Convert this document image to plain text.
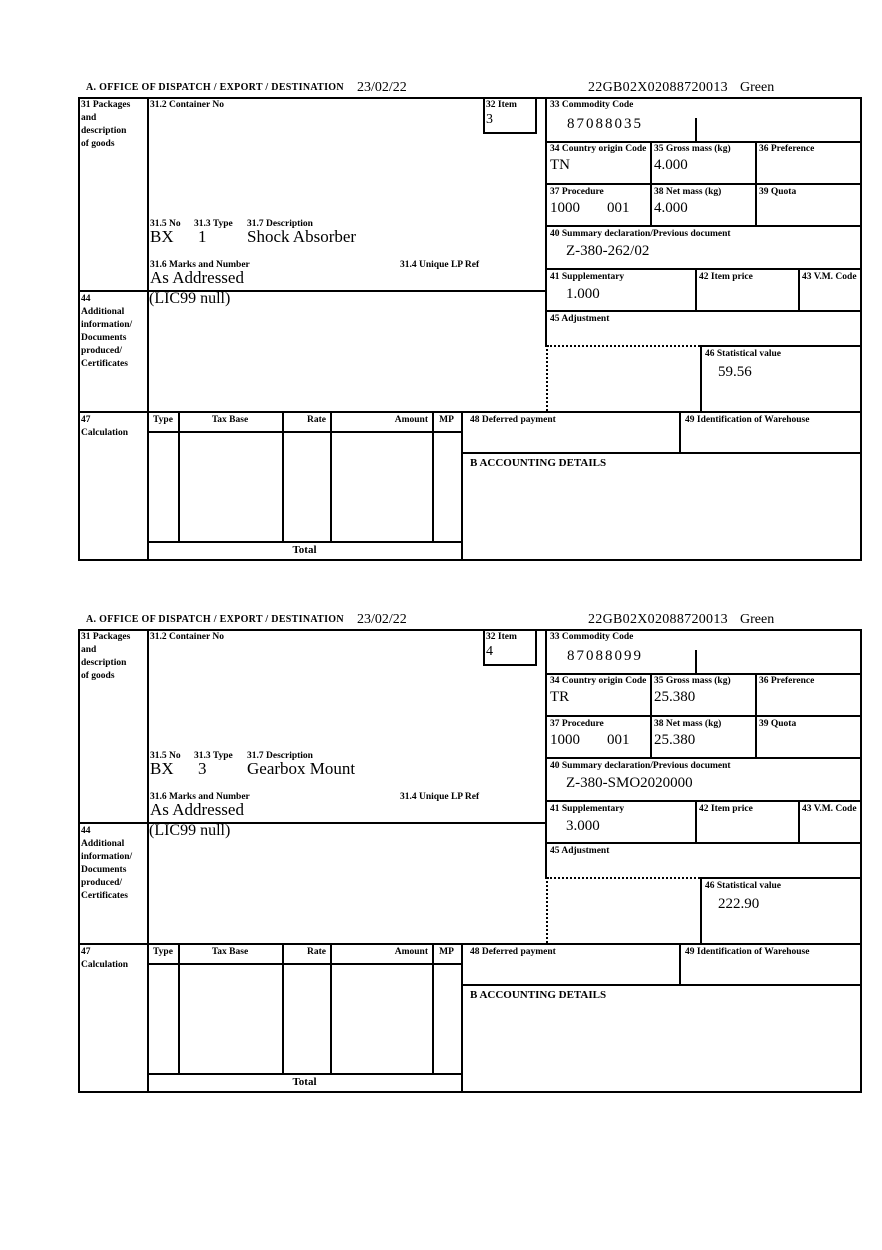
A. OFFICE OF DISPATCH / EXPORT / DESTINATION 23/02/22	22GB02X02088720013 Green
31 Packages
and
description
of goods
31.2 Container No	32 Item
3
33 Commodity Code
87088035
34 Country origin Code
TN
35 Gross mass (kg)
4.000
36 Preference
37 Procedure
1000 001
38 Net mass (kg)
4.000
39 Quota
40 Summary declaration/Previous document
Z-380-262/02
41 Supplementary
1.000
42 Item price	43 V.M. Code
45 Adjustment
46 Statistical value
59.56
31.5 No 31.3 Type 31.7 Description
BX 1 Shock Absorber
31.6 Marks and Number	31.4 Unique LP Ref
As Addressed
44
Additional
information/
Documents
produced/
Certificates
(LIC99 null)
47
Calculation
Type	Tax Base	Rate	Amount	MP	48 Deferred payment	49 Identification of Warehouse
B ACCOUNTING DETAILS
Total
A. OFFICE OF DISPATCH / EXPORT / DESTINATION 23/02/22	22GB02X02088720013 Green
31 Packages
and
description
of goods
31.2 Container No	32 Item
4
33 Commodity Code
87088099
34 Country origin Code
TR
35 Gross mass (kg)
25.380
36 Preference
37 Procedure
1000 001
38 Net mass (kg)
25.380
39 Quota
40 Summary declaration/Previous document
Z-380-SMO2020000
41 Supplementary
3.000
42 Item price	43 V.M. Code
45 Adjustment
46 Statistical value
222.90
31.5 No 31.3 Type 31.7 Description
BX 3 Gearbox Mount
31.6 Marks and Number	31.4 Unique LP Ref
As Addressed
44
Additional
information/
Documents
produced/
Certificates
(LIC99 null)
47
Calculation
Type	Tax Base	Rate	Amount	MP	48 Deferred payment	49 Identification of Warehouse
B ACCOUNTING DETAILS
Total
